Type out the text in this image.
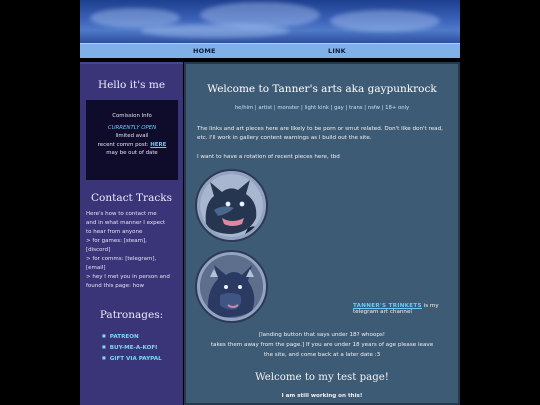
HOME	LINK
Hello it's me
Comission Info
CURRENTLY OPEN
limited avail
recent comm post: HERE
may be out of date
Contact Tracks
Here's how to contact me
and in what manner I expect
to hear from anyone
> for games: [steam],
[discord]
> for comms: [telegram],
[email]
> hey I met you in person and
found this page: how
Patronages:
■ PATREON
■ BUY-ME-A-KOFI
■ GIFT VIA PAYPAL
Welcome to Tanner's arts aka gaypunkrock
he/him | artist | monster | light kink | gay | trans | nsfw | 18+ only
The links and art pieces here are likely to be porn or smut related. Don't like don't read, etc. I'll work in gallery content warnings as I build out the site.
I want to have a rotation of recent pieces here, tbd
TANNER'S TRINKETS is my telegram art channel
[landing button that says under 18? whoops!
takes them away from the page.] If you are under 18 years of age please leave
the site, and come back at a later date :3
Welcome to my test page!
I am still working on this!
